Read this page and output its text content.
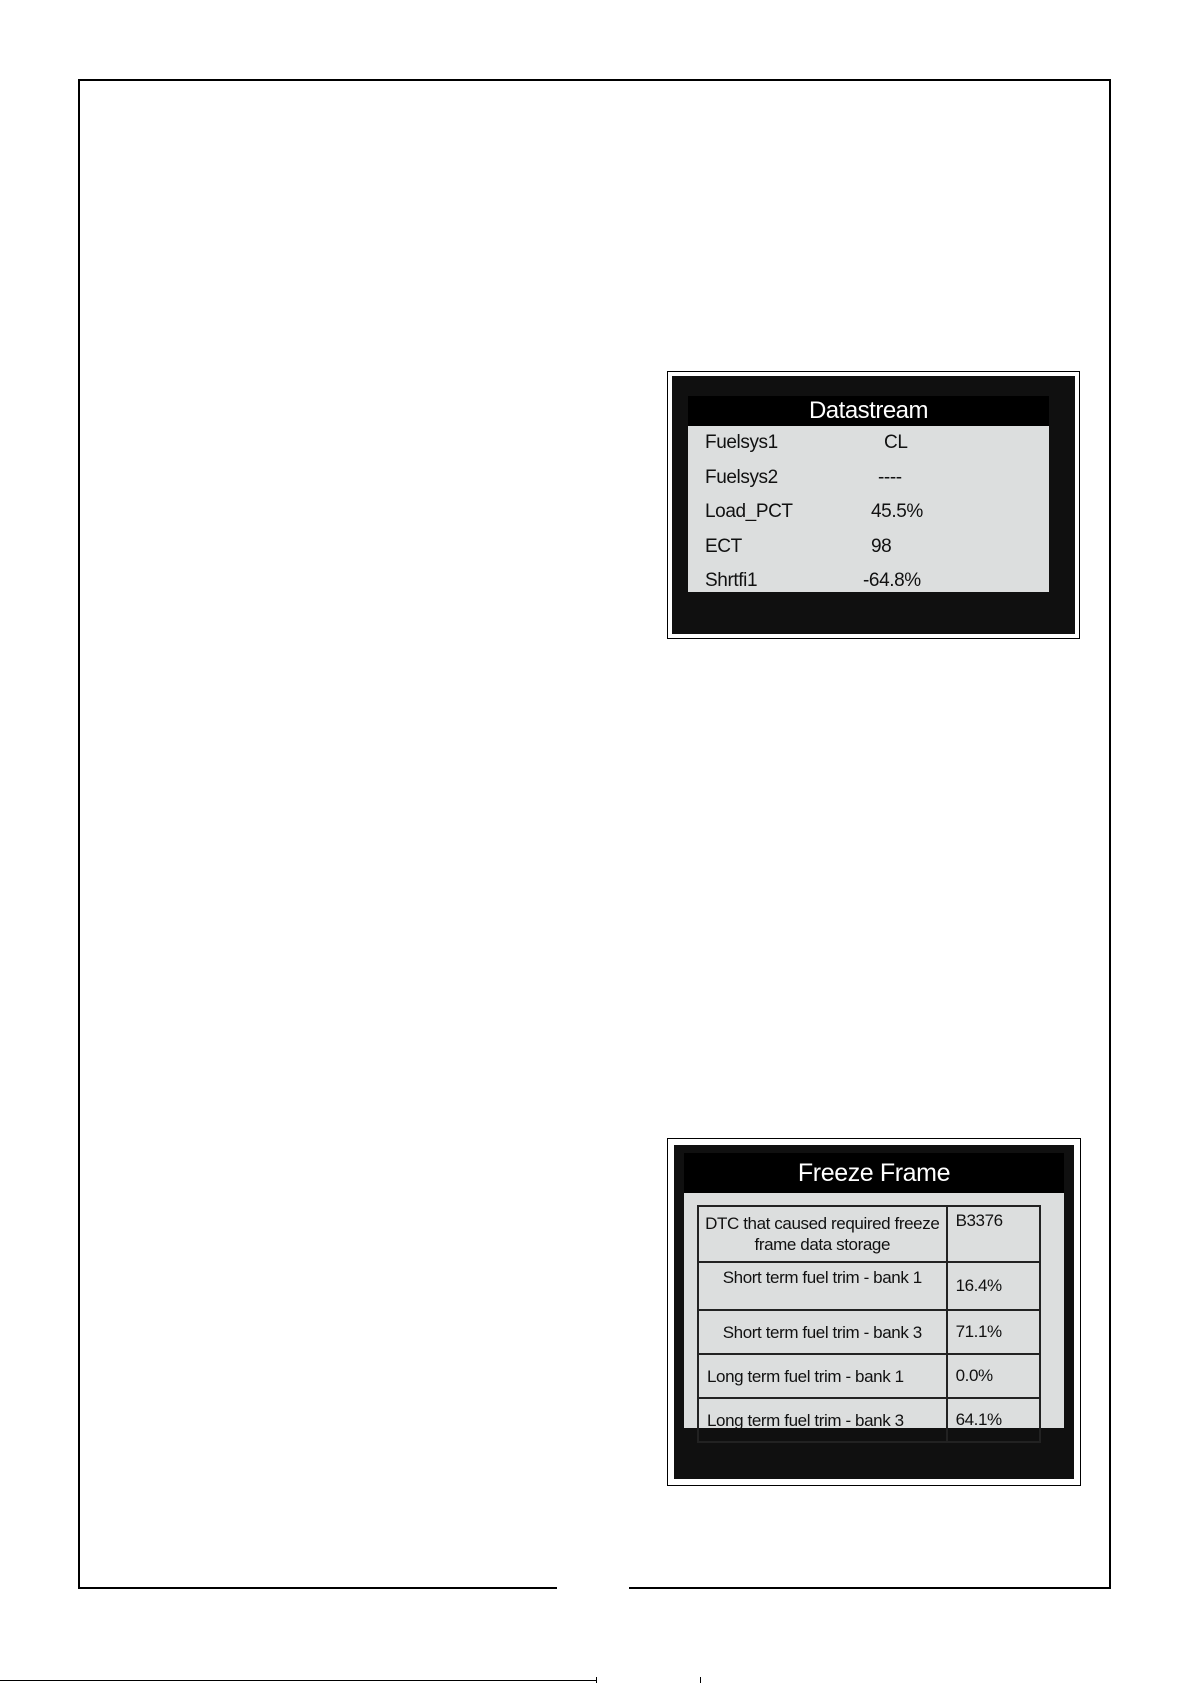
Datastream
Fuelsys1	CL
Fuelsys2	----
Load_PCT	45.5%
ECT	98
Shrtfi1	-64.8%
Freeze Frame
DTC that caused required freeze frame data storage	B3376
Short term fuel trim - bank 1	16.4%
Short term fuel trim - bank 3	71.1%
Long term fuel trim - bank 1	0.0%
Long term fuel trim - bank 3	64.1%
